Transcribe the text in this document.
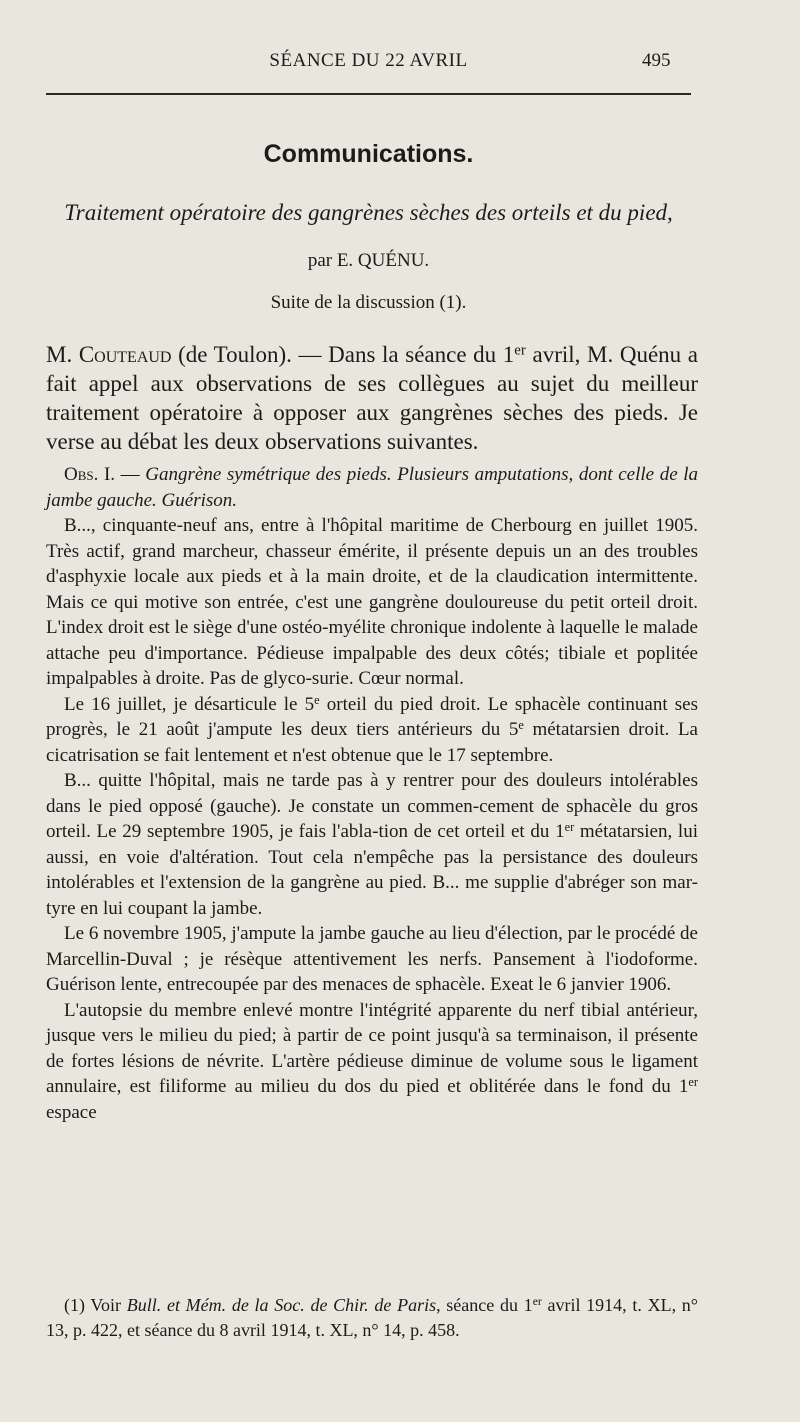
SÉANCE DU 22 AVRIL	495
Communications.
Traitement opératoire des gangrènes sèches des orteils et du pied,
par E. QUÉNU.
Suite de la discussion (1).

M. Couteaud (de Toulon). — Dans la séance du 1er avril, M. Quénu a fait appel aux observations de ses collègues au sujet du meilleur traitement opératoire à opposer aux gangrènes sèches des pieds. Je verse au débat les deux observations suivantes.

Obs. I. — Gangrène symétrique des pieds. Plusieurs amputations, dont celle de la jambe gauche. Guérison.

B..., cinquante-neuf ans, entre à l'hôpital maritime de Cherbourg en juillet 1905. Très actif, grand marcheur, chasseur émérite, il présente depuis un an des troubles d'asphyxie locale aux pieds et à la main droite, et de la claudication intermittente. Mais ce qui motive son entrée, c'est une gangrène douloureuse du petit orteil droit. L'index droit est le siège d'une ostéo-myélite chronique indolente à laquelle le malade attache peu d'importance. Pédieuse impalpable des deux côtés; tibiale et poplitée impalpables à droite. Pas de glyco-surie. Cœur normal.

Le 16 juillet, je désarticule le 5e orteil du pied droit. Le sphacèle continuant ses progrès, le 21 août j'ampute les deux tiers antérieurs du 5e métatarsien droit. La cicatrisation se fait lentement et n'est obtenue que le 17 septembre.

B... quitte l'hôpital, mais ne tarde pas à y rentrer pour des douleurs intolérables dans le pied opposé (gauche). Je constate un commen-cement de sphacèle du gros orteil. Le 29 septembre 1905, je fais l'abla-tion de cet orteil et du 1er métatarsien, lui aussi, en voie d'altération. Tout cela n'empêche pas la persistance des douleurs intolérables et l'extension de la gangrène au pied. B... me supplie d'abréger son mar-tyre en lui coupant la jambe.

Le 6 novembre 1905, j'ampute la jambe gauche au lieu d'élection, par le procédé de Marcellin-Duval ; je résèque attentivement les nerfs. Pansement à l'iodoforme. Guérison lente, entrecoupée par des menaces de sphacèle. Exeat le 6 janvier 1906.

L'autopsie du membre enlevé montre l'intégrité apparente du nerf tibial antérieur, jusque vers le milieu du pied; à partir de ce point jusqu'à sa terminaison, il présente de fortes lésions de névrite. L'artère pédieuse diminue de volume sous le ligament annulaire, est filiforme au milieu du dos du pied et oblitérée dans le fond du 1er espace

(1) Voir Bull. et Mém. de la Soc. de Chir. de Paris, séance du 1er avril 1914, t. XL, n° 13, p. 422, et séance du 8 avril 1914, t. XL, n° 14, p. 458.
